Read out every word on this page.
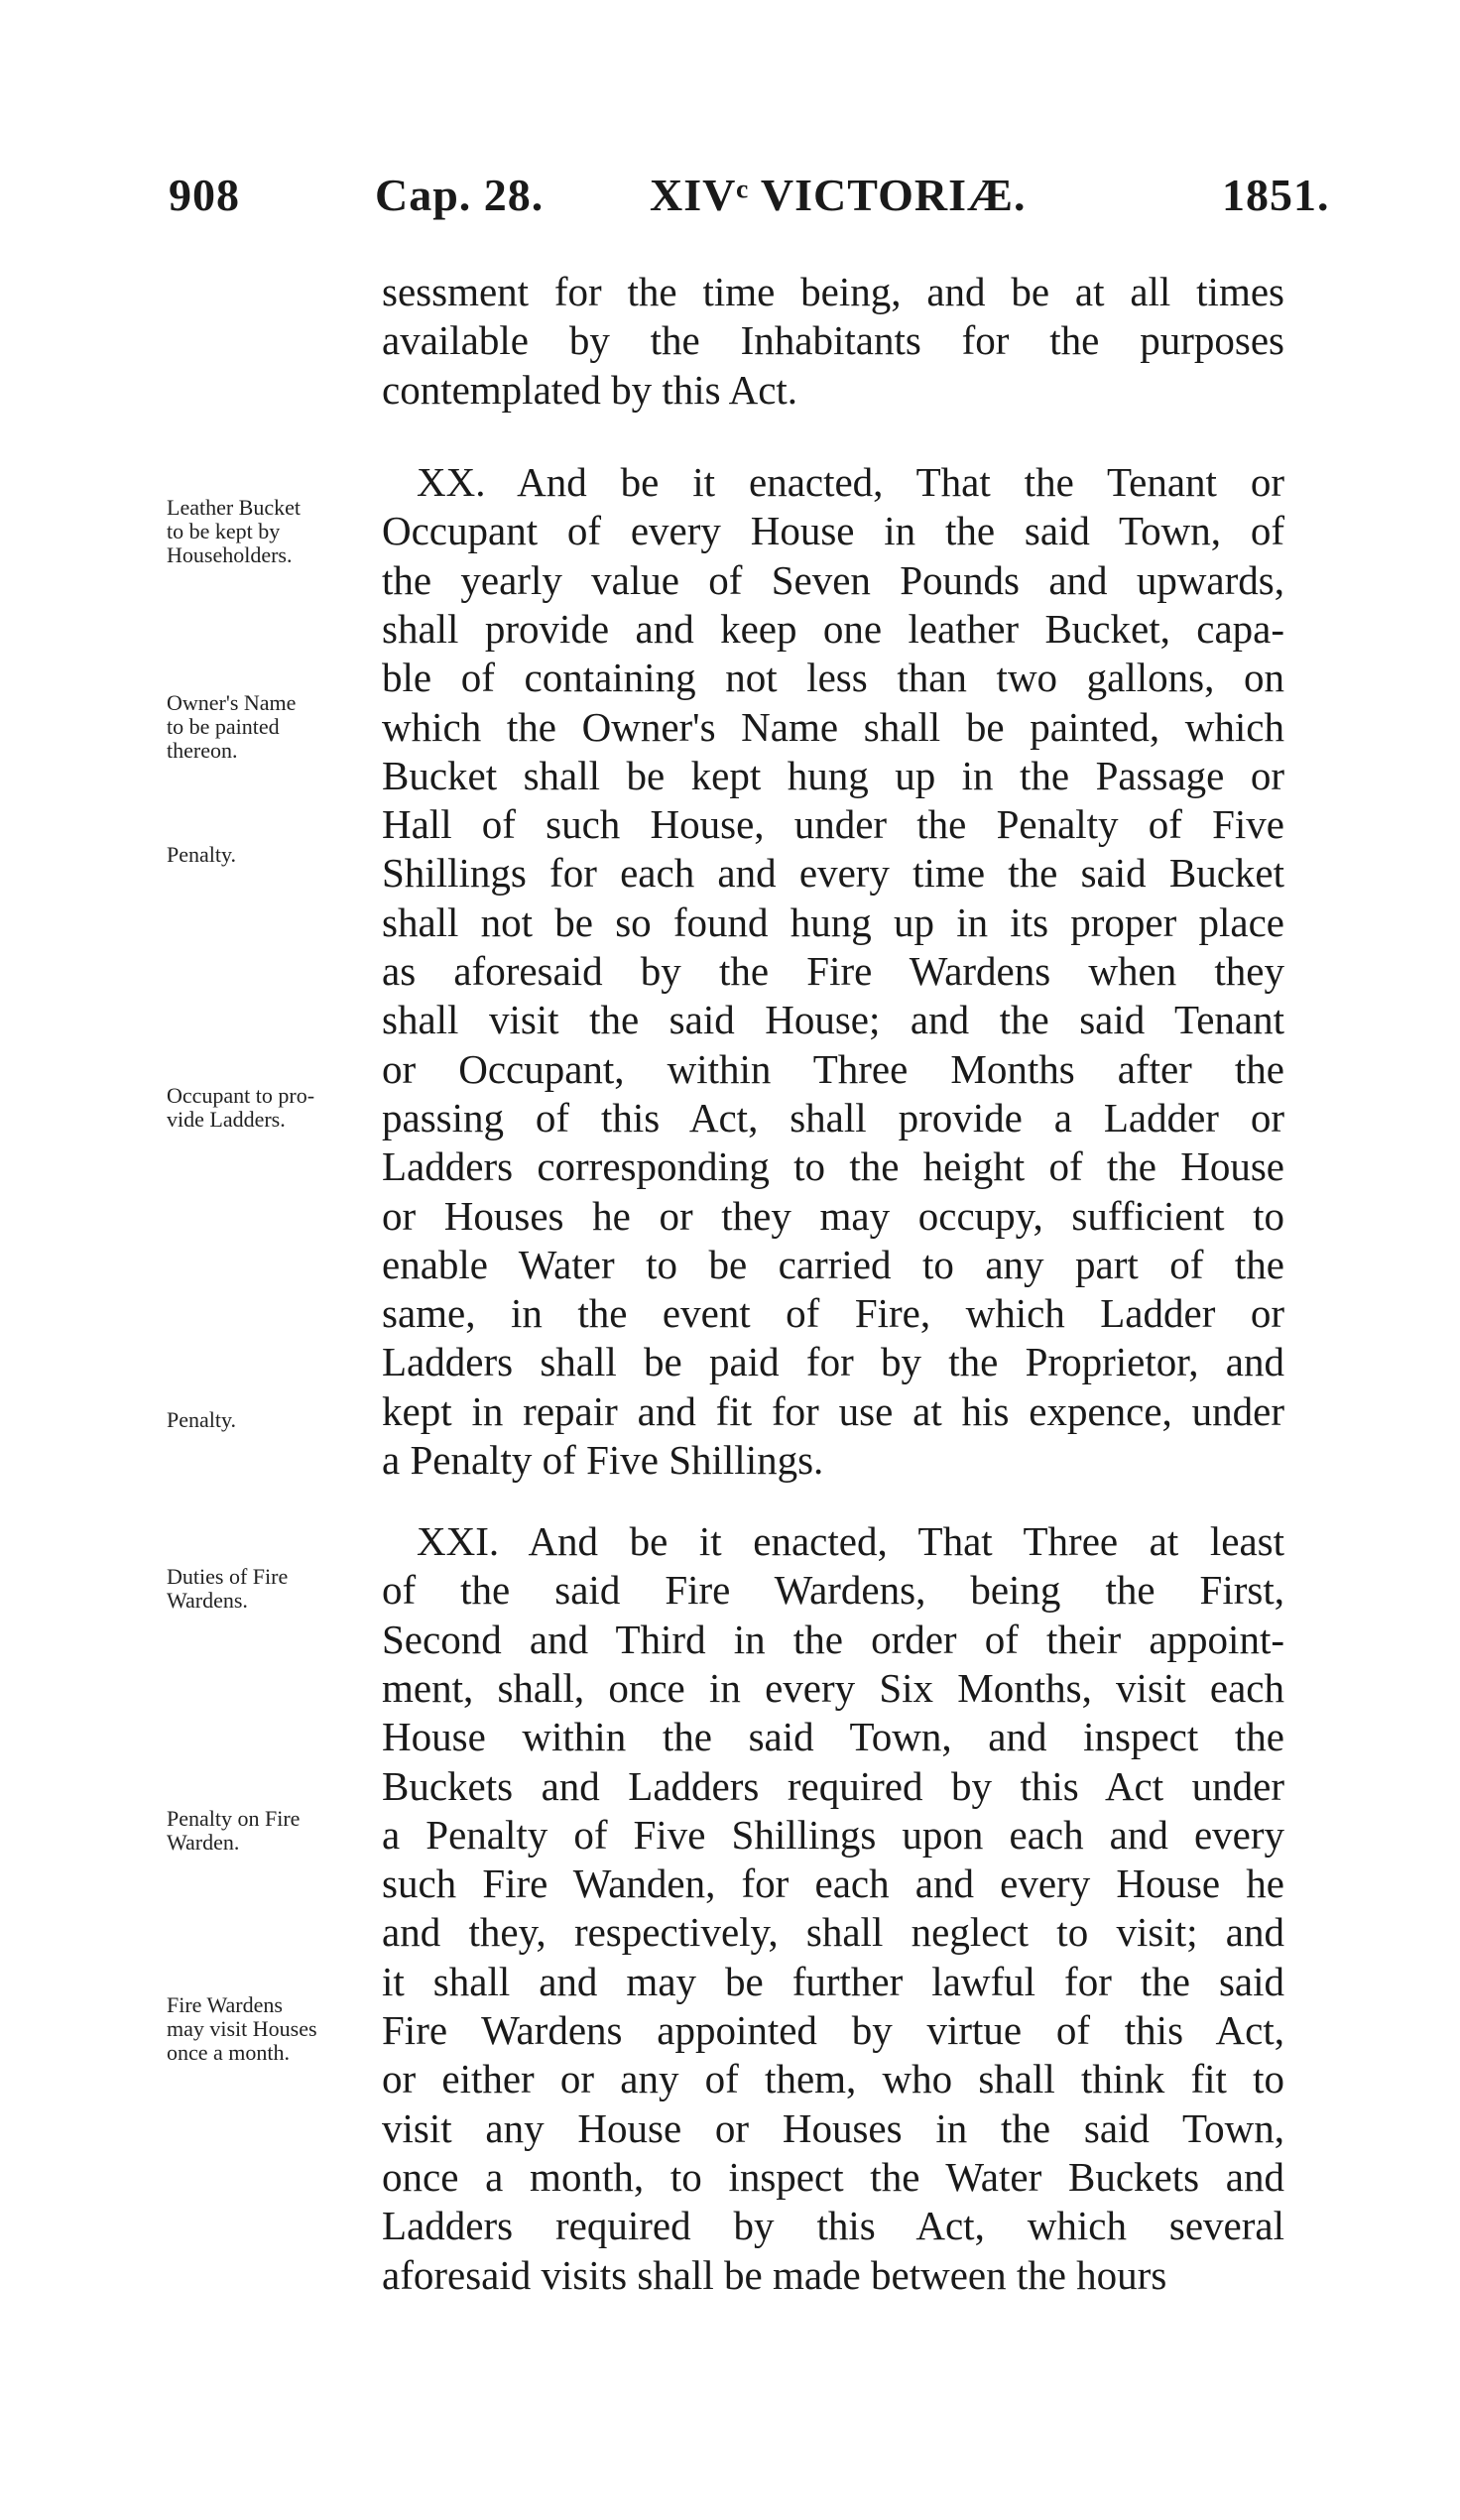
908	Cap. 28. XIVᶜ VICTORIÆ.	1851.
sessment for the time being, and be at all times
available by the Inhabitants for the purposes
contemplated by this Act.
XX. And be it enacted, That the Tenant or
Occupant of every House in the said Town, of
the yearly value of Seven Pounds and upwards,
shall provide and keep one leather Bucket, capa-
ble of containing not less than two gallons, on
which the Owner's Name shall be painted, which
Bucket shall be kept hung up in the Passage or
Hall of such House, under the Penalty of Five
Shillings for each and every time the said Bucket
shall not be so found hung up in its proper place
as aforesaid by the Fire Wardens when they
shall visit the said House; and the said Tenant
or Occupant, within Three Months after the
passing of this Act, shall provide a Ladder or
Ladders corresponding to the height of the House
or Houses he or they may occupy, sufficient to
enable Water to be carried to any part of the
same, in the event of Fire, which Ladder or
Ladders shall be paid for by the Proprietor, and
kept in repair and fit for use at his expence, under
a Penalty of Five Shillings.
XXI. And be it enacted, That Three at least
of the said Fire Wardens, being the First,
Second and Third in the order of their appoint-
ment, shall, once in every Six Months, visit each
House within the said Town, and inspect the
Buckets and Ladders required by this Act under
a Penalty of Five Shillings upon each and every
such Fire Wanden, for each and every House he
and they, respectively, shall neglect to visit; and
it shall and may be further lawful for the said
Fire Wardens appointed by virtue of this Act,
or either or any of them, who shall think fit to
visit any House or Houses in the said Town,
once a month, to inspect the Water Buckets and
Ladders required by this Act, which several
aforesaid visits shall be made between the hours
Leather Bucket
to be kept by
Householders.
Owner's Name
to be painted
thereon.
Penalty.
Occupant to pro-
vide Ladders.
Penalty.
Duties of Fire
Wardens.
Penalty on Fire
Warden.
Fire Wardens
may visit Houses
once a month.
